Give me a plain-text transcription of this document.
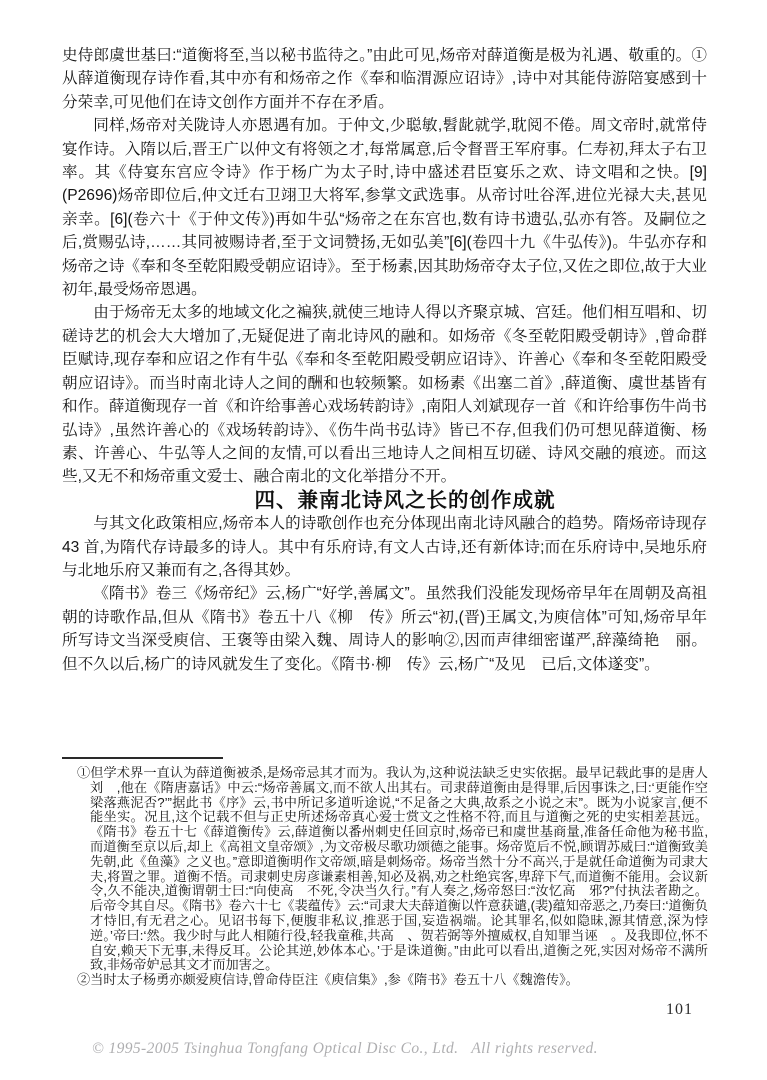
史侍郎虞世基曰:“道衡将至,当以秘书监待之。”由此可见,炀帝对薛道衡是极为礼遇、敬重的。① 从薛道衡现存诗作看,其中亦有和炀帝之作《奉和临渭源应诏诗》,诗中对其能侍游陪宴感到十分荣幸,可见他们在诗文创作方面并不存在矛盾。

同样,炀帝对关陇诗人亦恩遇有加。于仲文,少聪敏,髫龀就学,耽阅不倦。周文帝时,就常侍宴作诗。入隋以后,晋王广以仲文有将领之才,每常属意,后令督晋王军府事。仁寿初,拜太子右卫率。其《侍宴东宫应令诗》作于杨广为太子时,诗中盛述君臣宴乐之欢、诗文唱和之快。[9](P2696)炀帝即位后,仲文迁右卫翊卫大将军,参掌文武选事。从帝讨吐谷浑,进位光禄大夫,甚见亲幸。[6](卷六十《于仲文传》)再如牛弘“炀帝之在东宫也,数有诗书遗弘,弘亦有答。及嗣位之后,赏赐弘诗,……其同被赐诗者,至于文词赞扬,无如弘美”[6](卷四十九《牛弘传》)。牛弘亦存和炀帝之诗《奉和冬至乾阳殿受朝应诏诗》。至于杨素,因其助炀帝夺太子位,又佐之即位,故于大业初年,最受炀帝恩遇。

由于炀帝无太多的地域文化之褊狭,就使三地诗人得以齐聚京城、宫廷。他们相互唱和、切磋诗艺的机会大大增加了,无疑促进了南北诗风的融和。如炀帝《冬至乾阳殿受朝诗》,曾命群臣赋诗,现存奉和应诏之作有牛弘《奉和冬至乾阳殿受朝应诏诗》、许善心《奉和冬至乾阳殿受朝应诏诗》。而当时南北诗人之间的酬和也较频繁。如杨素《出塞二首》,薛道衡、虞世基皆有和作。薛道衡现存一首《和许给事善心戏场转韵诗》,南阳人刘斌现存一首《和许给事伤牛尚书弘诗》,虽然许善心的《戏场转韵诗》、《伤牛尚书弘诗》皆已不存,但我们仍可想见薛道衡、杨素、许善心、牛弘等人之间的友情,可以看出三地诗人之间相互切磋、诗风交融的痕迹。而这些,又无不和炀帝重文爱士、融合南北的文化举措分不开。

四、兼南北诗风之长的创作成就

与其文化政策相应,炀帝本人的诗歌创作也充分体现出南北诗风融合的趋势。隋炀帝诗现存 43 首,为隋代存诗最多的诗人。其中有乐府诗,有文人古诗,还有新体诗;而在乐府诗中,吴地乐府与北地乐府又兼而有之,各得其妙。

《隋书》卷三《炀帝纪》云,杨广“好学,善属文”。虽然我们没能发现炀帝早年在周朝及高祖朝的诗歌作品,但从《隋书》卷五十八《柳　传》所云“初,(晋)王属文,为庾信体”可知,炀帝早年所写诗文当深受庾信、王褒等由梁入魏、周诗人的影响②,因而声律细密谨严,辞藻绮艳　丽。但不久以后,杨广的诗风就发生了变化。《隋书·柳　传》云,杨广“及见　已后,文体遂变”。

①但学术界一直认为薛道衡被杀,是炀帝忌其才而为。我认为,这种说法缺乏史实依据。最早记载此事的是唐人刘　,他在《隋唐嘉话》中云:“炀帝善属文,而不欲人出其右。司隶薛道衡由是得罪,后因事诛之,曰:‘更能作空梁落燕泥否?’”据此书《序》云,书中所记多道听途说,“不足备之大典,故系之小说之末”。既为小说家言,便不能坐实。况且,这个记载不但与正史所述炀帝真心爱士赏文之性格不符,而且与道衡之死的史实相差甚远。《隋书》卷五十七《薛道衡传》云,薛道衡以番州刺史任回京时,炀帝已和虞世基商量,准备任命他为秘书监,而道衡至京以后,却上《高祖文皇帝颂》,为文帝极尽歌功颂德之能事。炀帝览后不悦,顾谓苏威曰:“道衡致美先朝,此《鱼藻》之义也。”意即道衡明作文帝颂,暗是刺炀帝。炀帝当然十分不高兴,于是就任命道衡为司隶大夫,将置之罪。道衡不悟。司隶刺史房彦谦素相善,知必及祸,劝之杜绝宾客,卑辞下气,而道衡不能用。会议新令,久不能决,道衡谓朝士曰:“向使高　不死,令决当久行。”有人奏之,炀帝怒曰:“汝忆高　邪?”付执法者勘之。后帝令其自尽。《隋书》卷六十七《裴蕴传》云:“司隶大夫薛道衡以忤意获谴,(裴)蕴知帝恶之,乃奏曰:‘道衡负才恃旧,有无君之心。见诏书每下,便腹非私议,推恶于国,妄造祸端。论其罪名,似如隐昧,源其情意,深为悖逆。’帝曰:‘然。我少时与此人相随行役,轻我童稚,共高　、贺若弼等外擅威权,自知罪当诬　。及我即位,怀不自安,赖天下无事,未得反耳。公论其逆,妙体本心。’于是诛道衡。”由此可以看出,道衡之死,实因对炀帝不满所致,非炀帝妒忌其文才而加害之。

②当时太子杨勇亦颇爱庾信诗,曾命侍臣注《庾信集》,参《隋书》卷五十八《魏澹传》。

101
© 1995-2005 Tsinghua Tongfang Optical Disc Co., Ltd.   All rights reserved.
